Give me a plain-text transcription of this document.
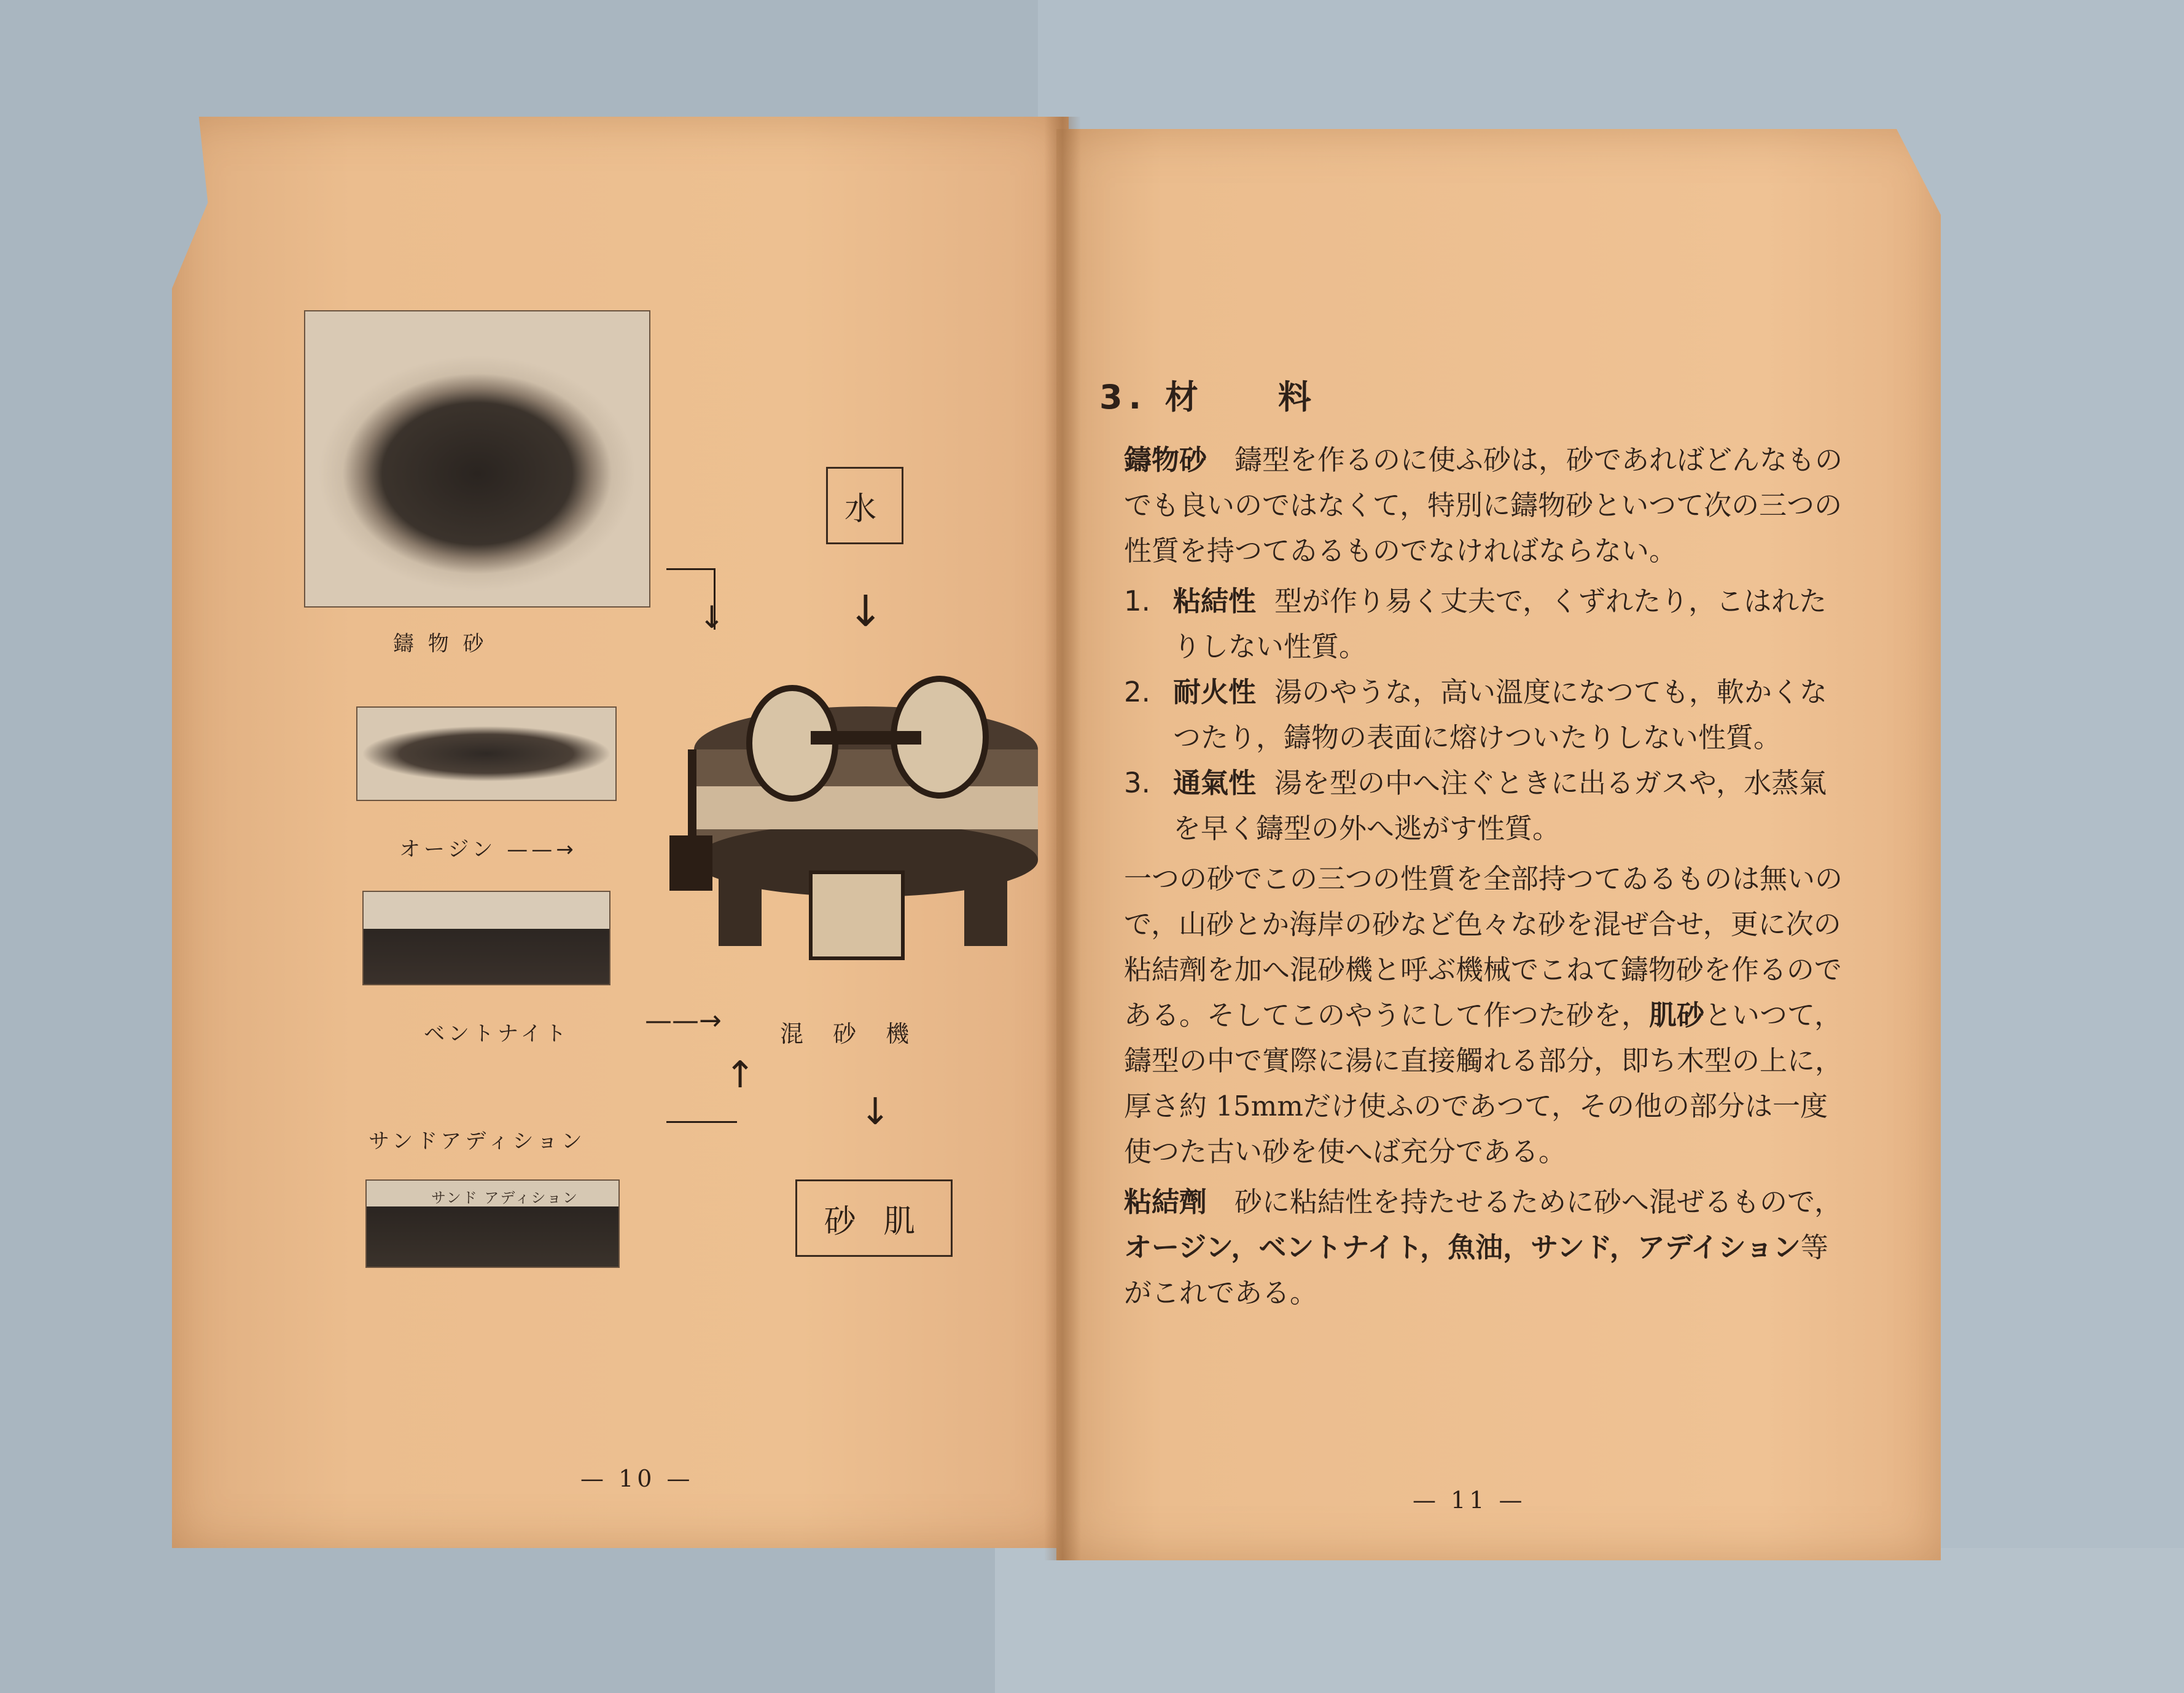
鑄 物 砂
オージン ——→
ベントナイト	——→
サンドアディション
サンド アディション
水
↓
↓
混 砂 機
↑
↓
砂 肌
— 10 —
3. 材 料

鑄物砂　鑄型を作るのに使ふ砂は，砂であればどんなものでも良いのではなくて，特別に鑄物砂といつて次の三つの性質を持つてゐるものでなければならない。

1. 粘結性 型が作り易く丈夫で，くずれたり，こはれたりしない性質。
2. 耐火性 湯のやうな，高い溫度になつても，軟かくなつたり，鑄物の表面に熔けついたりしない性質。
3. 通氣性 湯を型の中へ注ぐときに出るガスや，水蒸氣を早く鑄型の外へ逃がす性質。

一つの砂でこの三つの性質を全部持つてゐるものは無いので，山砂とか海岸の砂など色々な砂を混ぜ合せ，更に次の粘結劑を加へ混砂機と呼ぶ機械でこねて鑄物砂を作るのである。そしてこのやうにして作つた砂を，肌砂といつて，鑄型の中で實際に湯に直接觸れる部分，即ち木型の上に，厚さ約 15mmだけ使ふのであつて，その他の部分は一度使つた古い砂を使へば充分である。

粘結劑　砂に粘結性を持たせるために砂へ混ぜるもので，オージン，ベントナイト，魚油，サンド，アデイション等がこれである。

— 11 —
